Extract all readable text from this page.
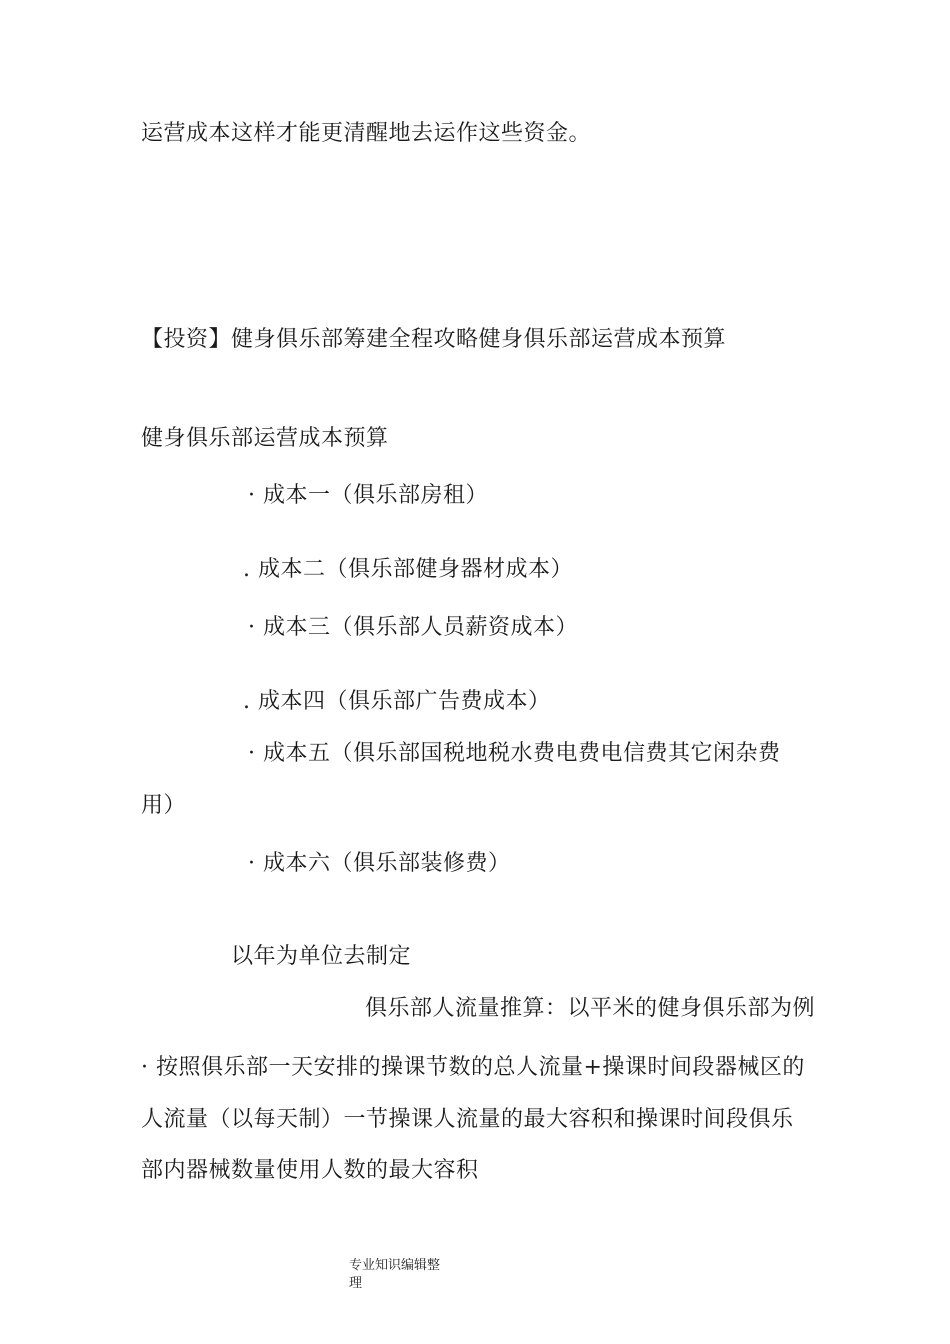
运营成本这样才能更清醒地去运作这些资金。
【投资】健身俱乐部筹建全程攻略健身俱乐部运营成本预算
健身俱乐部运营成本预算
· 成本一（俱乐部房租）
. 成本二（俱乐部健身器材成本）
· 成本三（俱乐部人员薪资成本）
. 成本四（俱乐部广告费成本）
· 成本五（俱乐部国税地税水费电费电信费其它闲杂费
用）
· 成本六（俱乐部装修费）
以年为单位去制定
俱乐部人流量推算：以平米的健身俱乐部为例
· 按照俱乐部一天安排的操课节数的总人流量+操课时间段器械区的
人流量（以每天制）一节操课人流量的最大容积和操课时间段俱乐
部内器械数量使用人数的最大容积
专业知识编辑整
理
